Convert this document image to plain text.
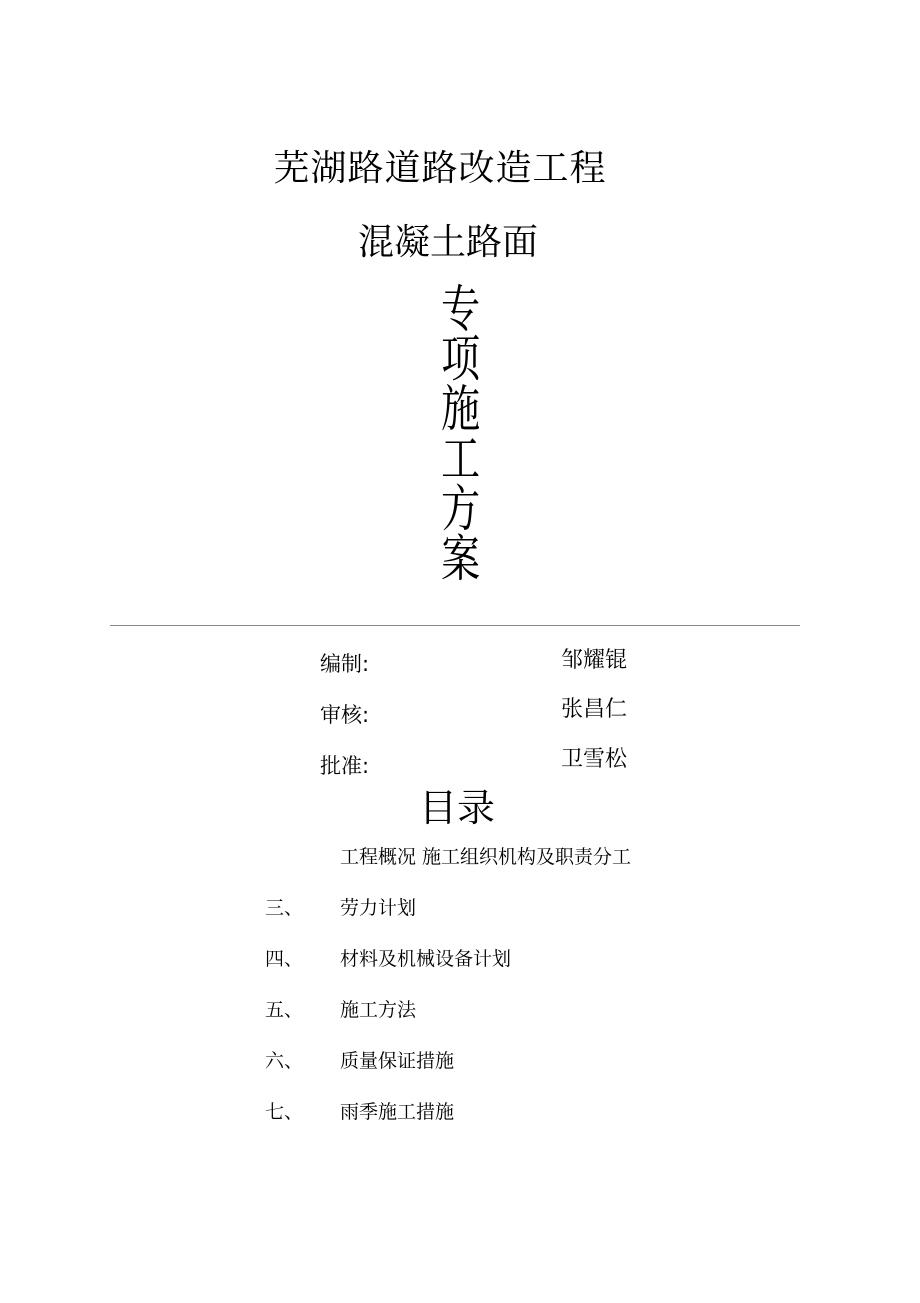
芜湖路道路改造工程
混凝土路面
专项施工方案
编制:	邹耀锟
审核:	张昌仁
批准:	卫雪松
目录
工程概况 施工组织机构及职责分工
三、 劳力计划
四、 材料及机械设备计划
五、 施工方法
六、 质量保证措施
七、 雨季施工措施
